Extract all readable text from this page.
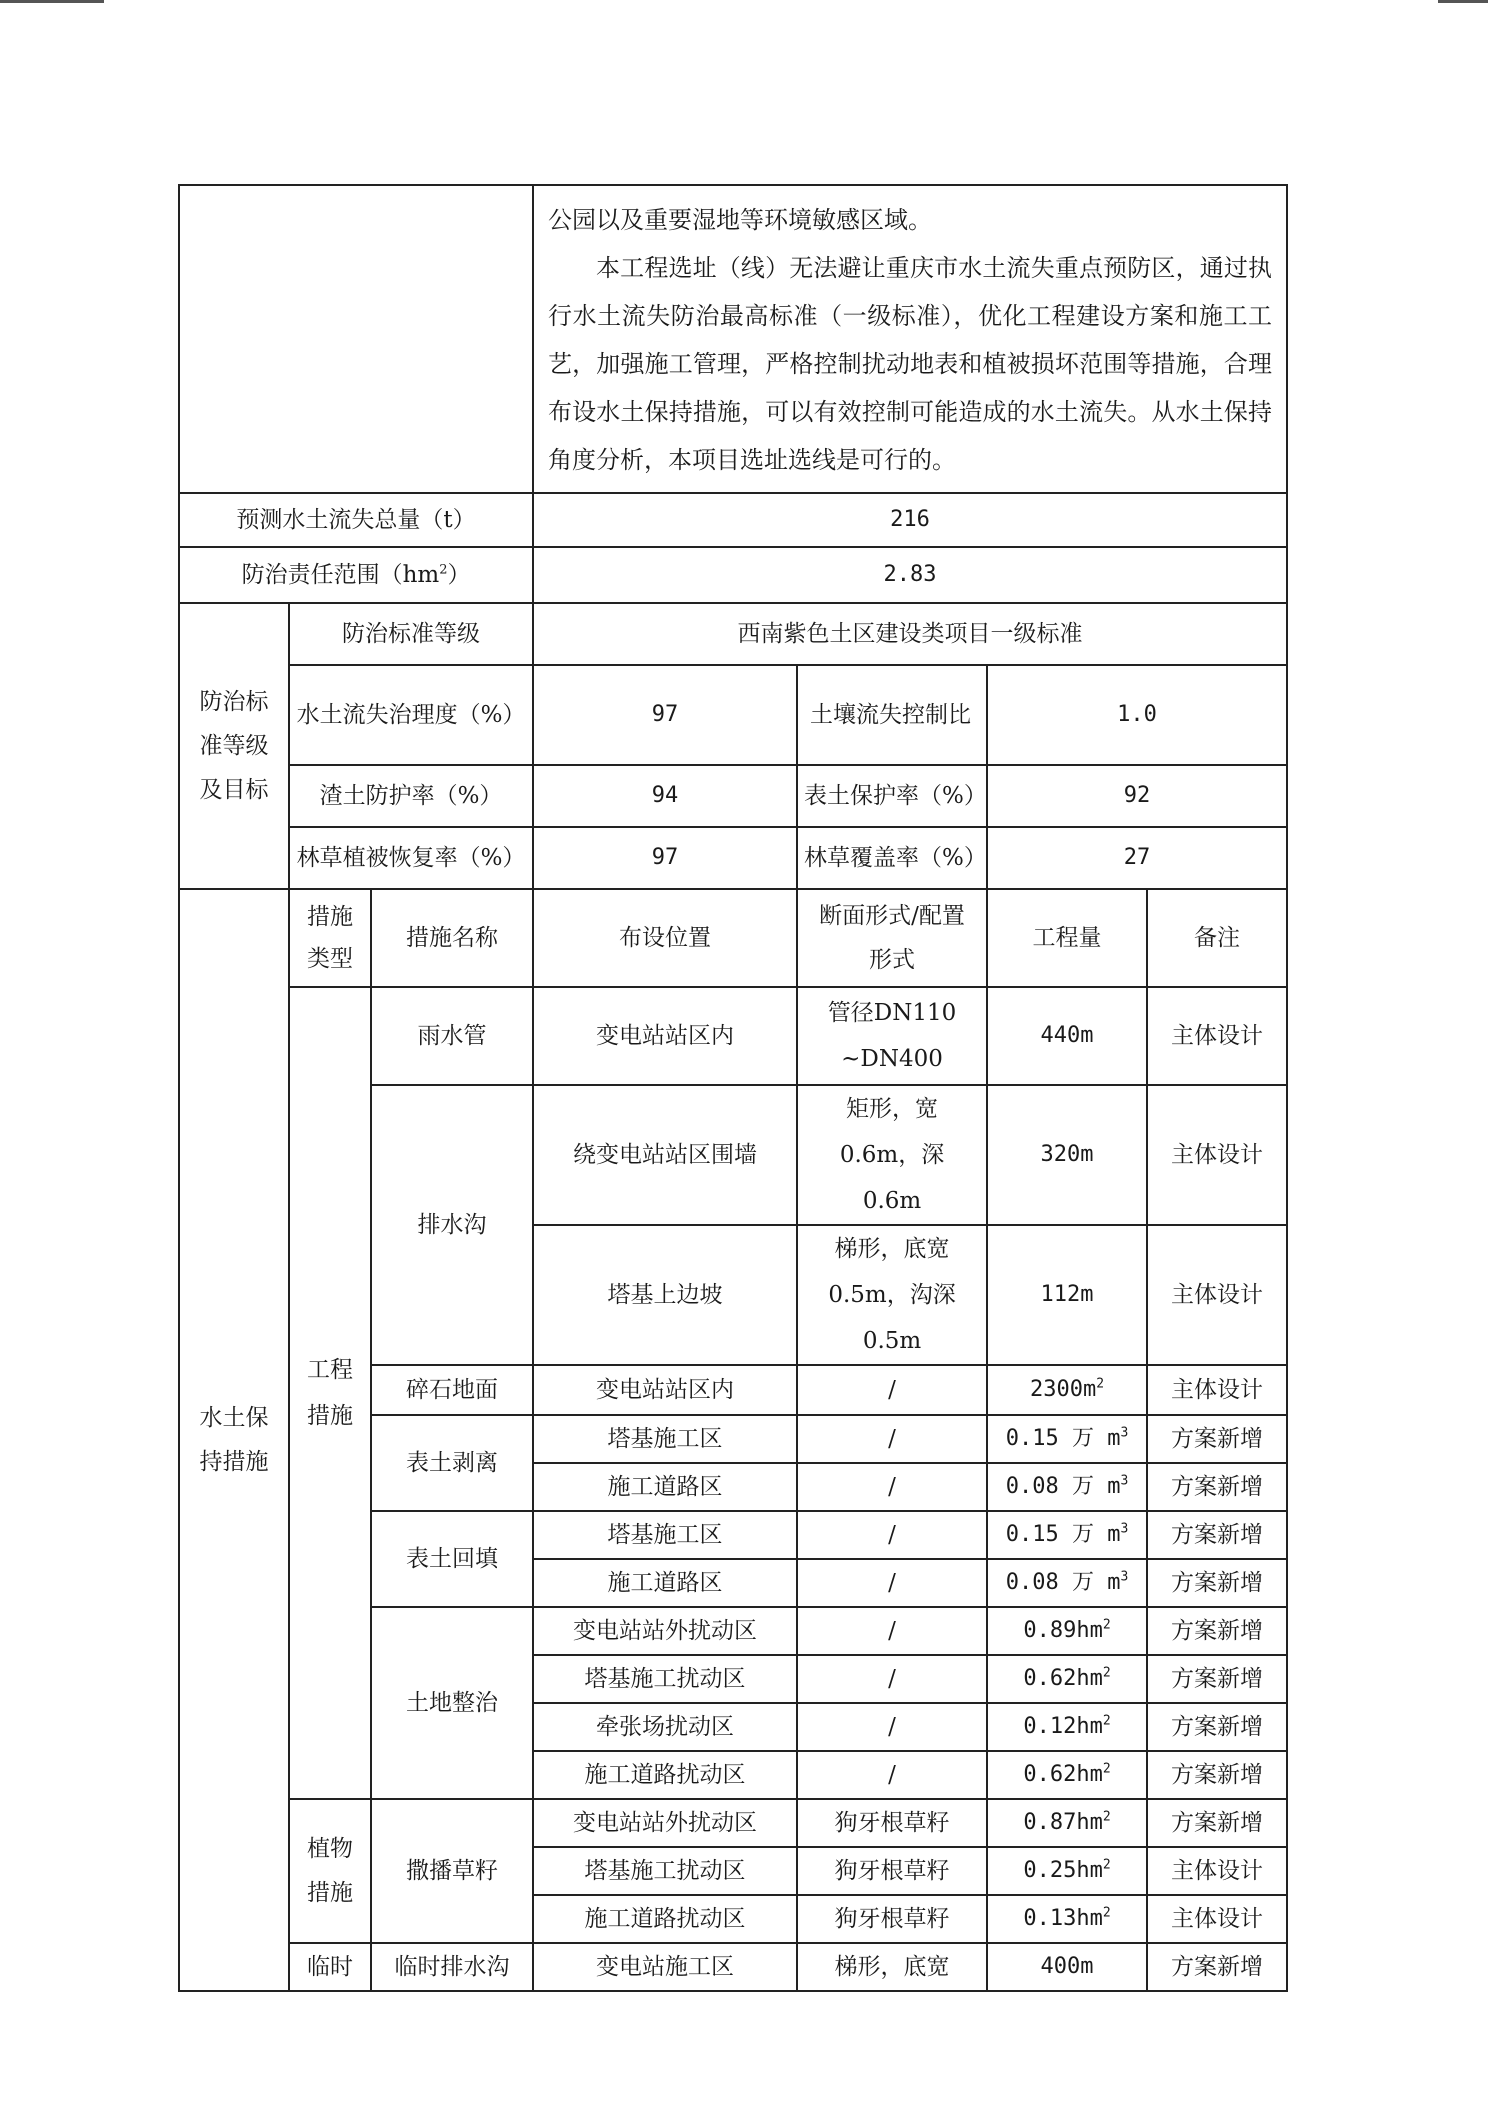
			公园以及重要湿地等环境敏感区域。

本工程选址（线）无法避让重庆市水土流失重点预防区，通过执行水土流失防治最高标准（一级标准），优化工程建设方案和施工工艺，加强施工管理，严格控制扰动地表和植被损坏范围等措施，合理布设水土保持措施，可以有效控制可能造成的水土流失。从水土保持角度分析，本项目选址选线是可行的。			

预测水土流失总量（t）			216			
防治责任范围$(hm^2)$			2.83			
防治标准等级及目标	防治标准等级		西南紫色土区建设类项目一级标准			
	水土流失治理度（%）		97	土壤流失控制比	1.0	
	渣土防护率（%）		94	表土保护率（%）	92	
	林草植被恢复率（%）		97	林草覆盖率（%）	27	
水土保持措施	措施类型	措施名称	布设位置	断面形式/配置形式	工程量	备注
	工程措施	雨水管	变电站站区内	管径DN110~DN400	440m	主体设计
		排水沟	绕变电站站区围墙	矩形，宽 0.6m，深 0.6m	320m	主体设计
			塔基上边坡	梯形，底宽 0.5m，沟深 0.5m	112m	主体设计
		碎石地面	变电站站区内	/	$2300m^2$	主体设计
		表土剥离	塔基施工区	/	0.15 万 $m^3$	方案新增
			施工道路区	/	0.08 万 $m^3$	方案新增
		表土回填	塔基施工区	/	0.15 万 $m^3$	方案新增
			施工道路区	/	0.08 万 $m^3$	方案新增
		土地整治	变电站站外扰动区	/	$0.89hm^2$	方案新增
			塔基施工扰动区	/	$0.62hm^2$	方案新增
			牵张场扰动区	/	$0.12hm^2$	方案新增
			施工道路扰动区	/	$0.62hm^2$	方案新增
	植物措施	撒播草籽	变电站站外扰动区	狗牙根草籽	$0.87hm^2$	方案新增
			塔基施工扰动区	狗牙根草籽	$0.25hm^2$	主体设计
			施工道路扰动区	狗牙根草籽	$0.13hm^2$	主体设计
	临时	临时排水沟	变电站施工区	梯形，底宽	400m	方案新增
